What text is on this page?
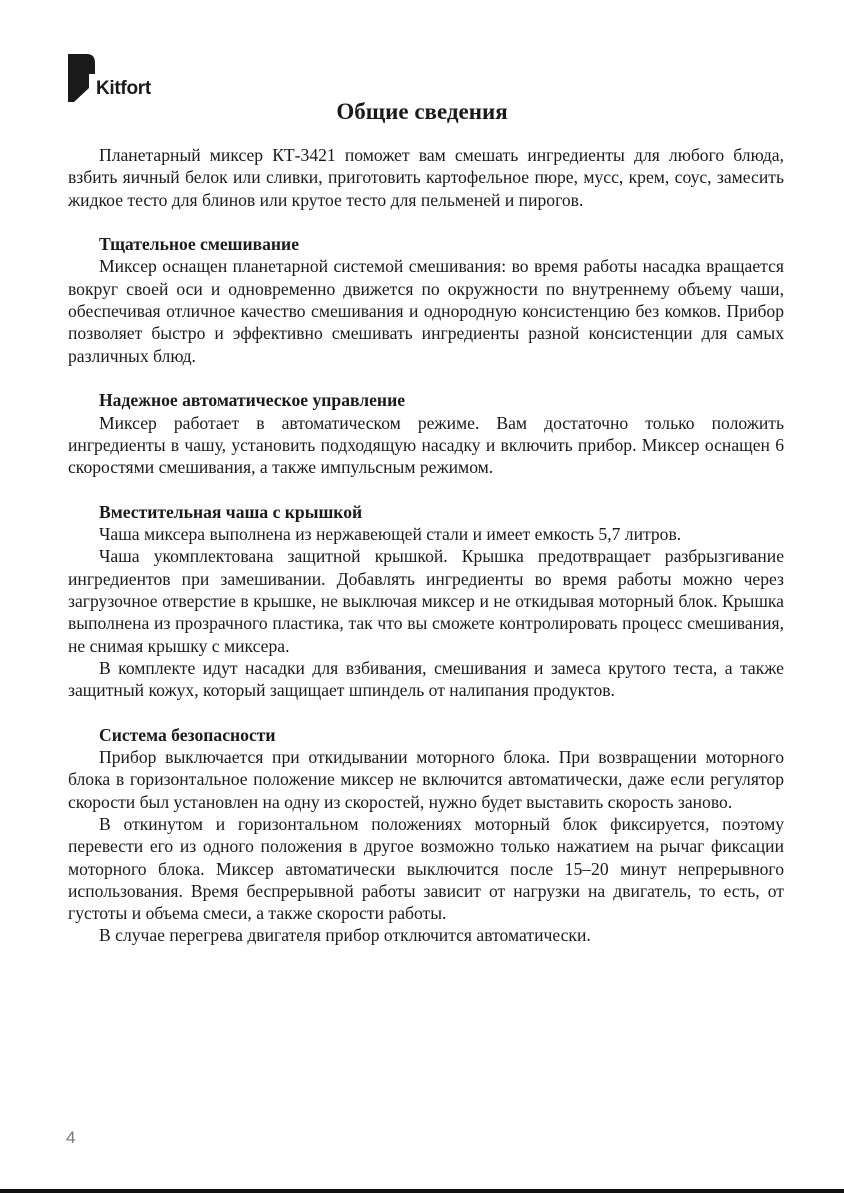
Kitfort
Общие сведения

Планетарный миксер КТ-3421 поможет вам смешать ингредиенты для любого блюда, взбить яичный белок или сливки, приготовить картофельное пюре, мусс, крем, соус, замесить жидкое тесто для блинов или крутое тесто для пельменей и пирогов.

Тщательное смешивание

Миксер оснащен планетарной системой смешивания: во время работы насадка вращается вокруг своей оси и одновременно движется по окружности по внутреннему объему чаши, обеспечивая отличное качество смешивания и однородную консистенцию без комков. Прибор позволяет быстро и эффективно смешивать ингредиенты разной консистенции для самых различных блюд.

Надежное автоматическое управление

Миксер работает в автоматическом режиме. Вам достаточно только положить ингредиенты в чашу, установить подходящую насадку и включить прибор. Миксер оснащен 6 скоростями смешивания, а также импульсным режимом.

Вместительная чаша с крышкой

Чаша миксера выполнена из нержавеющей стали и имеет емкость 5,7 литров.

Чаша укомплектована защитной крышкой. Крышка предотвращает разбрызгивание ингредиентов при замешивании. Добавлять ингредиенты во время работы можно через загрузочное отверстие в крышке, не выключая миксер и не откидывая моторный блок. Крышка выполнена из прозрачного пластика, так что вы сможете контролировать процесс смешивания, не снимая крышку с миксера.

В комплекте идут насадки для взбивания, смешивания и замеса крутого теста, а также защитный кожух, который защищает шпиндель от налипания продуктов.

Система безопасности

Прибор выключается при откидывании моторного блока. При возвращении моторного блока в горизонтальное положение миксер не включится автоматически, даже если регулятор скорости был установлен на одну из скоростей, нужно будет выставить скорость заново.

В откинутом и горизонтальном положениях моторный блок фиксируется, поэтому перевести его из одного положения в другое возможно только нажатием на рычаг фиксации моторного блока. Миксер автоматически выключится после 15–20 минут непрерывного использования. Время беспрерывной работы зависит от нагрузки на двигатель, то есть, от густоты и объема смеси, а также скорости работы.

В случае перегрева двигателя прибор отключится автоматически.

4
